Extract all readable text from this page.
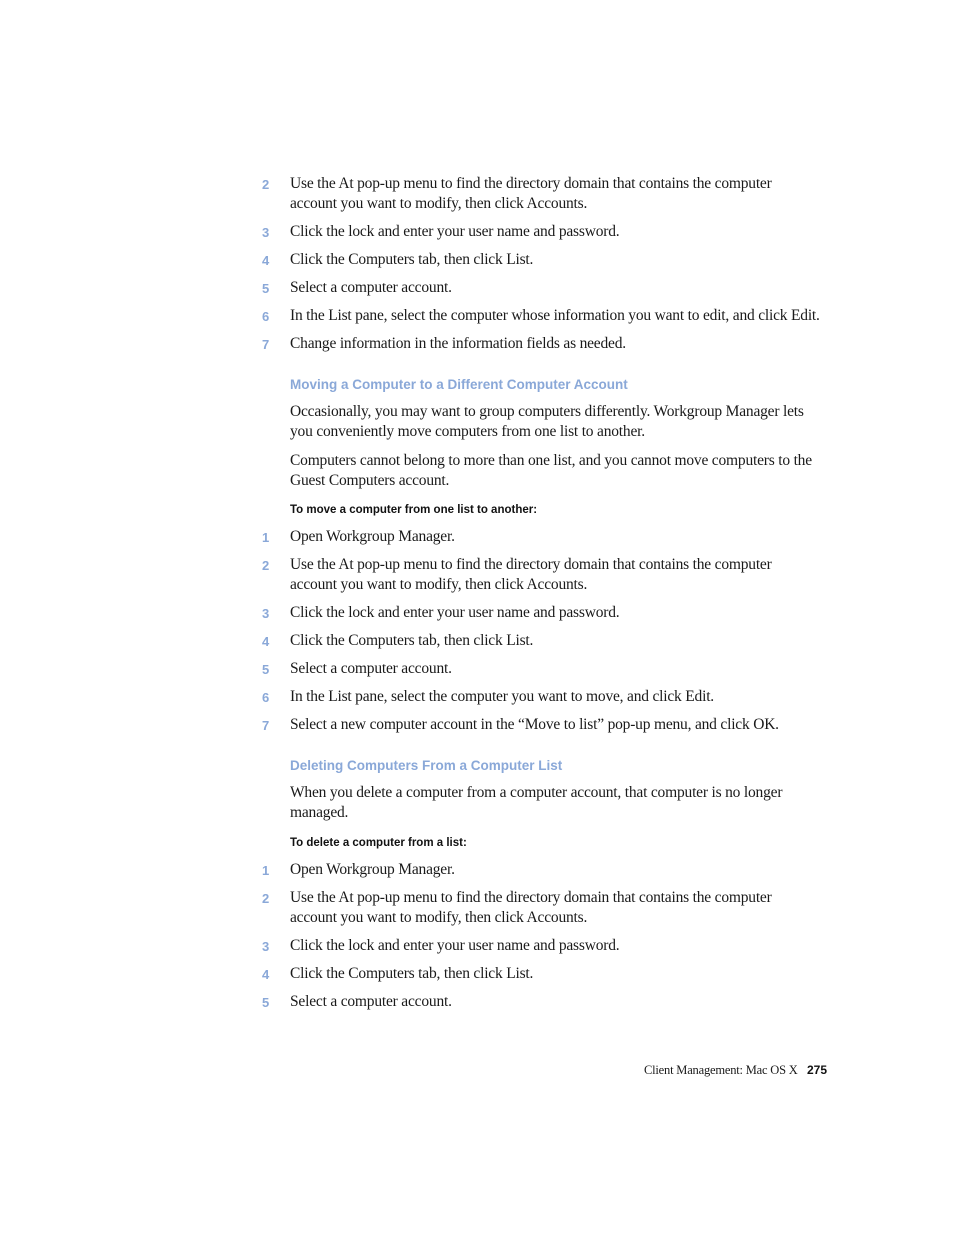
2	Use the At pop-up menu to find the directory domain that contains the computer account you want to modify, then click Accounts.
3	Click the lock and enter your user name and password.
4	Click the Computers tab, then click List.
5	Select a computer account.
6	In the List pane, select the computer whose information you want to edit, and click Edit.
7	Change information in the information fields as needed.
Moving a Computer to a Different Computer Account
Occasionally, you may want to group computers differently. Workgroup Manager lets you conveniently move computers from one list to another.
Computers cannot belong to more than one list, and you cannot move computers to the Guest Computers account.
To move a computer from one list to another:
1	Open Workgroup Manager.
2	Use the At pop-up menu to find the directory domain that contains the computer account you want to modify, then click Accounts.
3	Click the lock and enter your user name and password.
4	Click the Computers tab, then click List.
5	Select a computer account.
6	In the List pane, select the computer you want to move, and click Edit.
7	Select a new computer account in the “Move to list” pop-up menu, and click OK.
Deleting Computers From a Computer List
When you delete a computer from a computer account, that computer is no longer managed.
To delete a computer from a list:
1	Open Workgroup Manager.
2	Use the At pop-up menu to find the directory domain that contains the computer account you want to modify, then click Accounts.
3	Click the lock and enter your user name and password.
4	Click the Computers tab, then click List.
5	Select a computer account.
Client Management: Mac OS X 275
